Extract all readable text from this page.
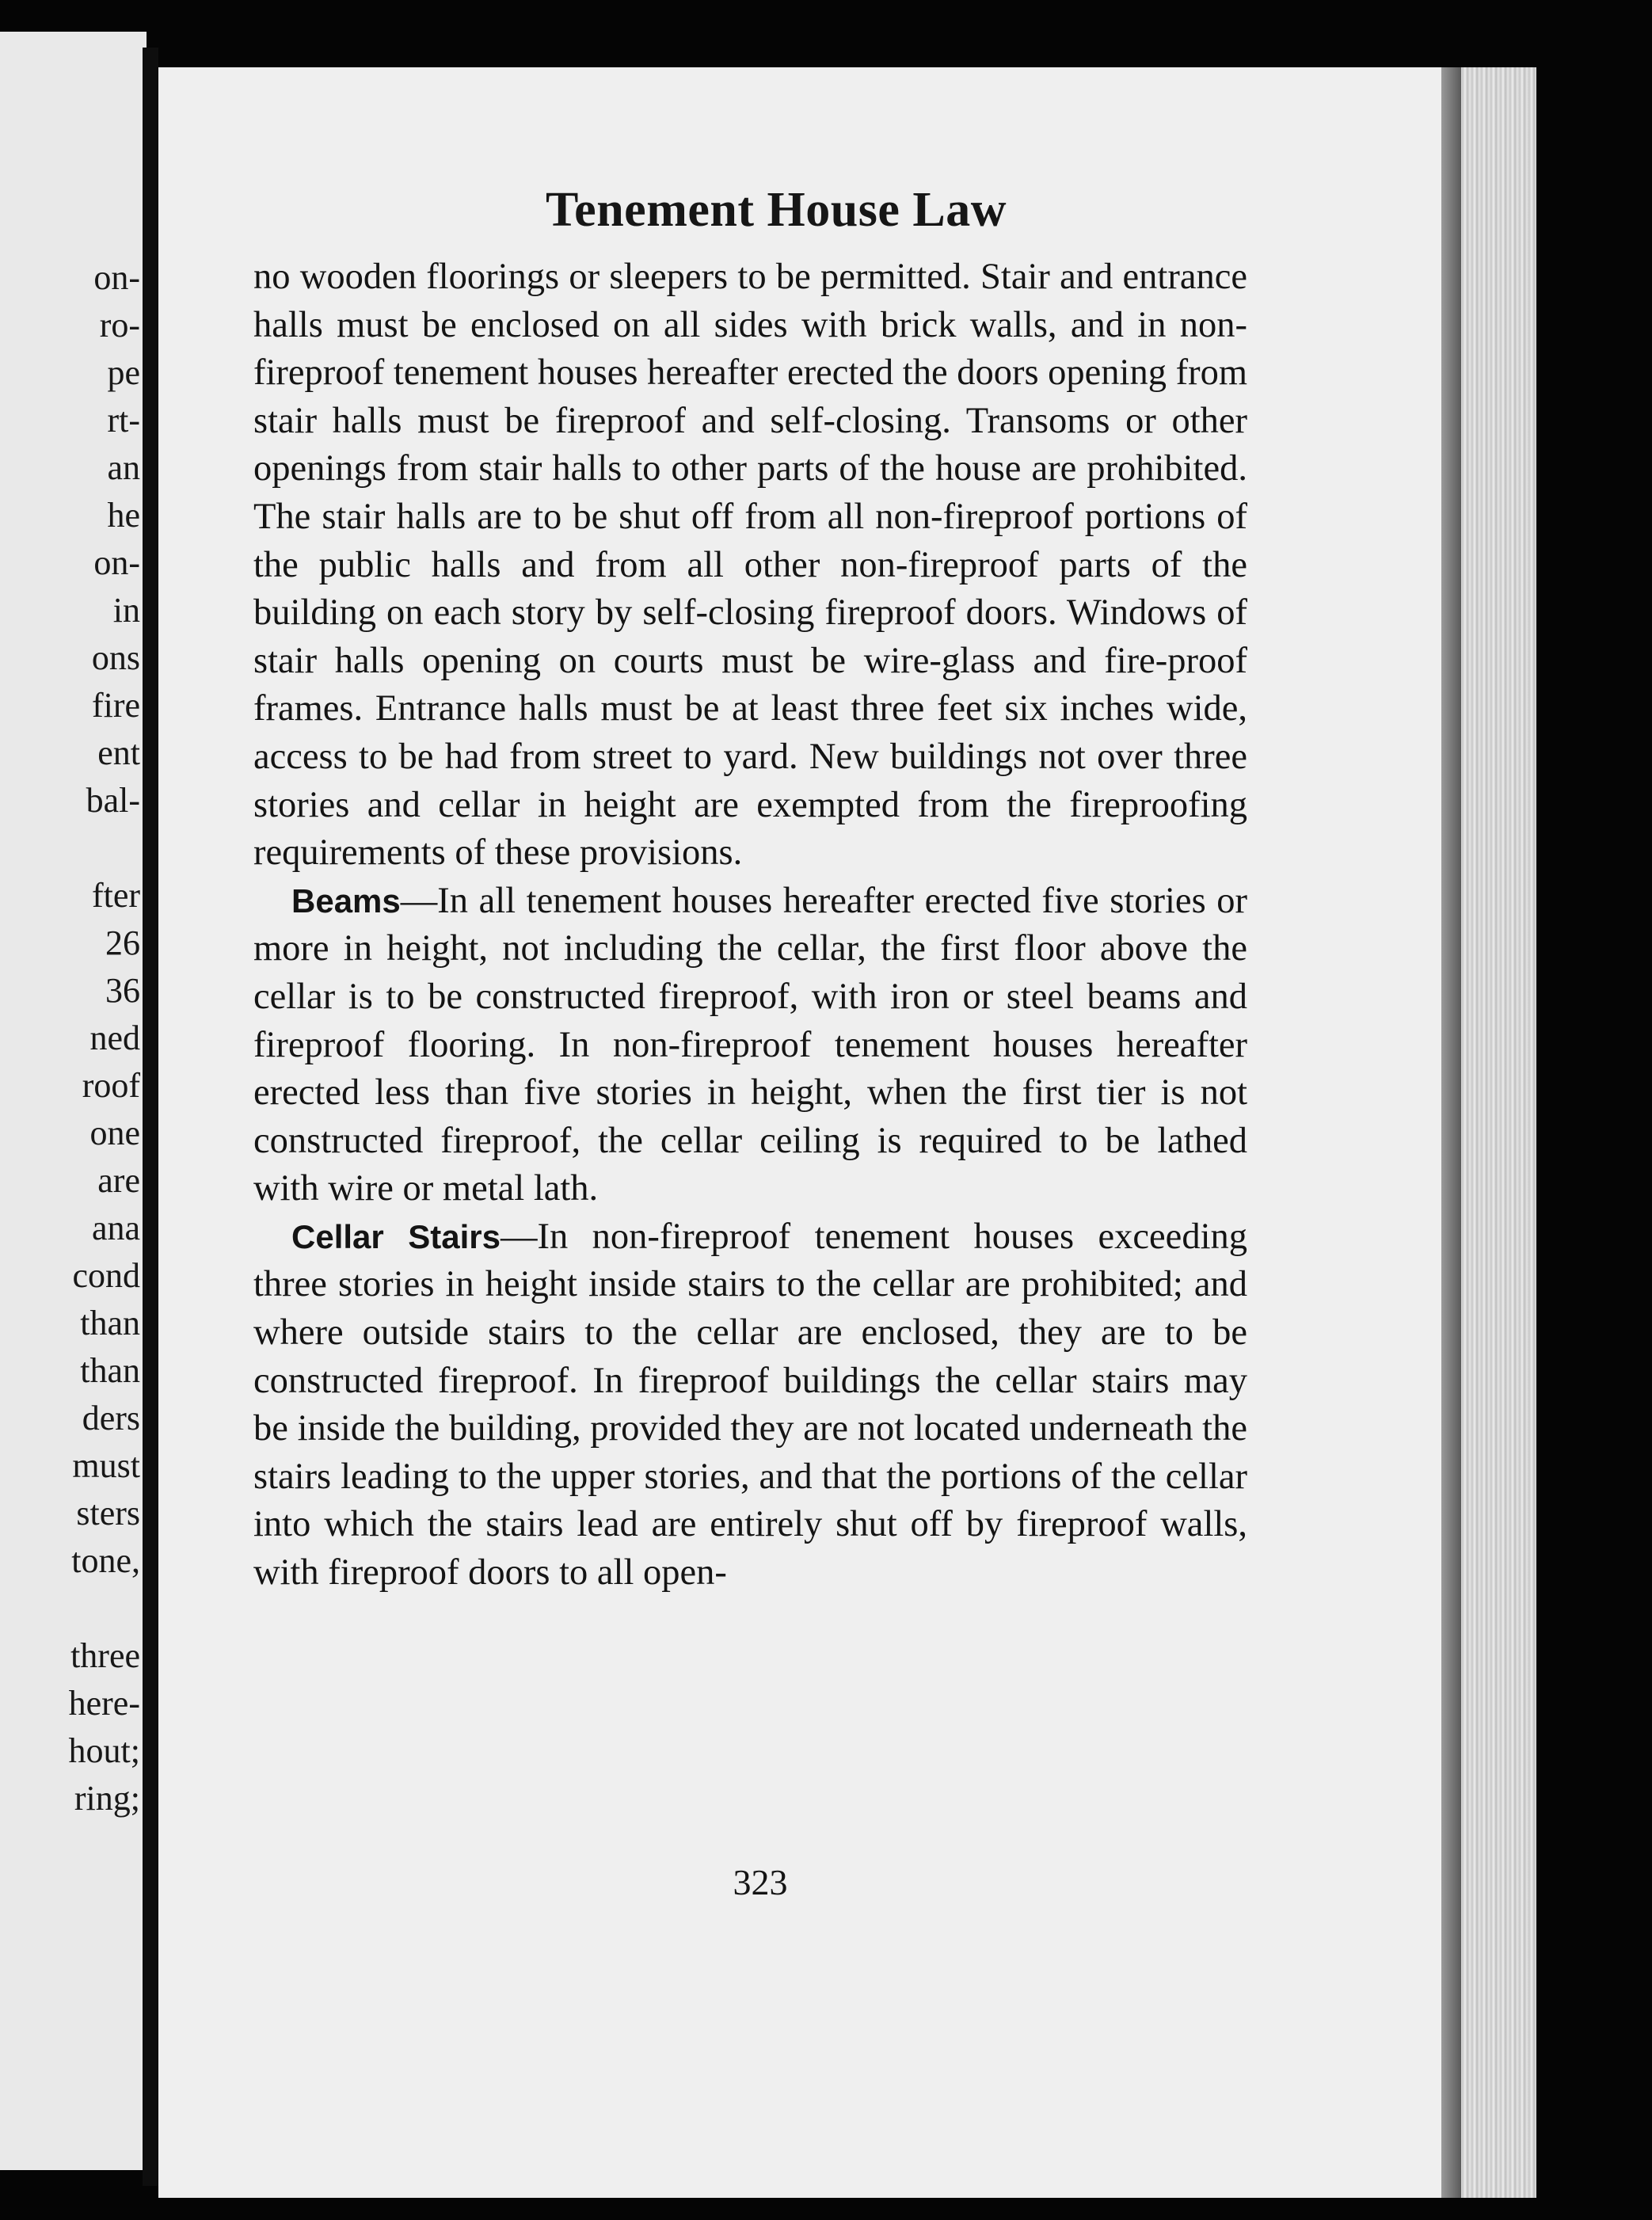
on-
ro-
pe
rt-
an
he
on-
in
ons
fire
ent
bal-
fter
26
36
ned
roof
one
are
ana
cond
than
than
ders
must
sters
tone,
three
here-
hout;
ring;
Tenement House Law

no wooden floorings or sleepers to be permitted. Stair and entrance halls must be enclosed on all sides with brick walls, and in non-fireproof tenement houses hereafter erected the doors opening from stair halls must be fireproof and self-closing. Transoms or other openings from stair halls to other parts of the house are prohibited. The stair halls are to be shut off from all non-fireproof portions of the public halls and from all other non-fireproof parts of the building on each story by self-closing fireproof doors. Windows of stair halls opening on courts must be wire-glass and fire-proof frames. Entrance halls must be at least three feet six inches wide, access to be had from street to yard. New buildings not over three stories and cellar in height are exempted from the fireproofing requirements of these provisions.

Beams—In all tenement houses hereafter erected five stories or more in height, not including the cellar, the first floor above the cellar is to be constructed fireproof, with iron or steel beams and fireproof flooring. In non-fireproof tenement houses hereafter erected less than five stories in height, when the first tier is not constructed fireproof, the cellar ceiling is required to be lathed with wire or metal lath.

Cellar Stairs—In non-fireproof tenement houses exceeding three stories in height inside stairs to the cellar are prohibited; and where outside stairs to the cellar are enclosed, they are to be constructed fireproof. In fireproof buildings the cellar stairs may be inside the building, provided they are not located underneath the stairs leading to the upper stories, and that the portions of the cellar into which the stairs lead are entirely shut off by fireproof walls, with fireproof doors to all open-

323
